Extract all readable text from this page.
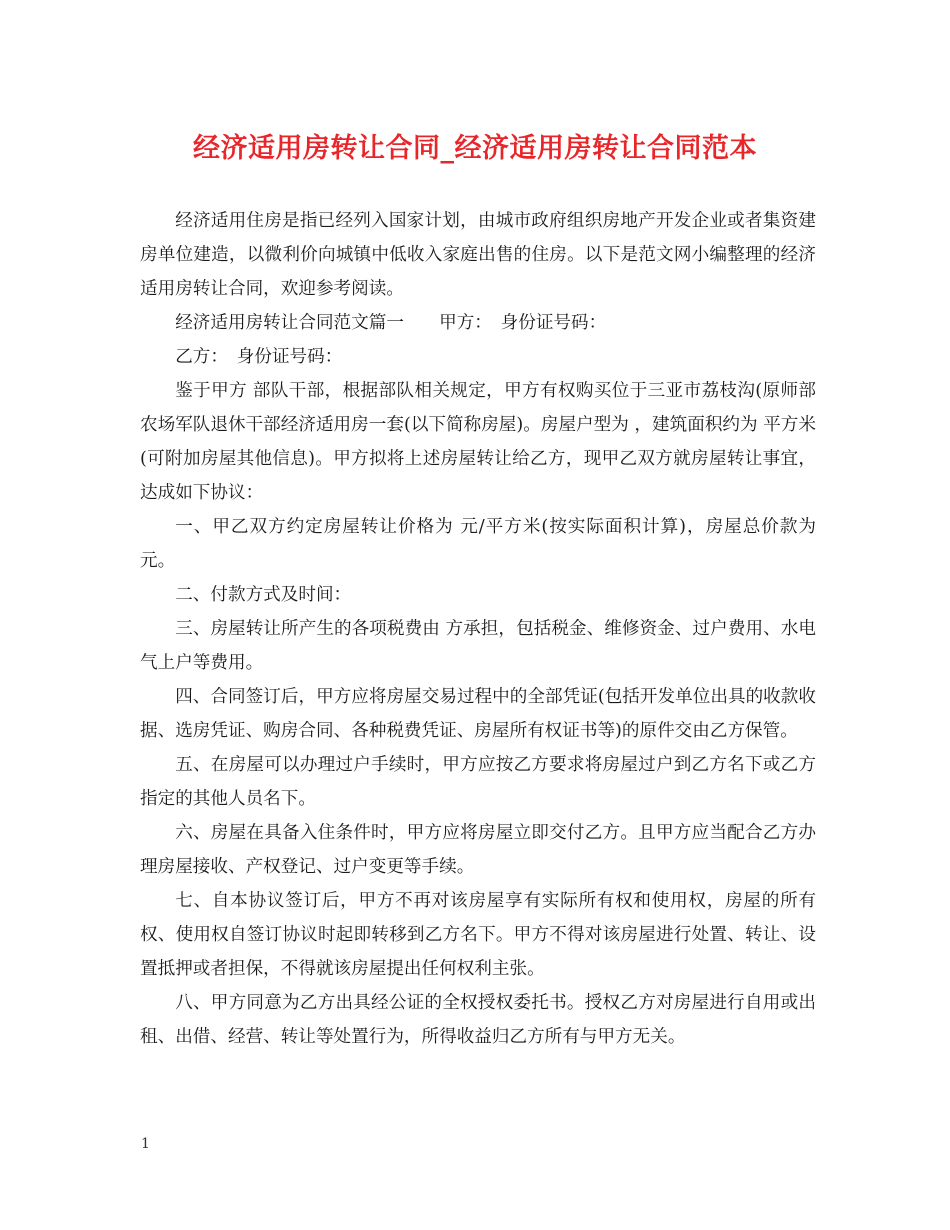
经济适用房转让合同_经济适用房转让合同范本

经济适用住房是指已经列入国家计划，由城市政府组织房地产开发企业或者集资建房单位建造，以微利价向城镇中低收入家庭出售的住房。以下是范文网小编整理的经济适用房转让合同，欢迎参考阅读。

经济适用房转让合同范文篇一　　甲方：　身份证号码：

乙方：　身份证号码：

鉴于甲方 部队干部，根据部队相关规定，甲方有权购买位于三亚市荔枝沟(原师部农场军队退休干部经济适用房一套(以下简称房屋)。房屋户型为 ，建筑面积约为 平方米(可附加房屋其他信息)。甲方拟将上述房屋转让给乙方，现甲乙双方就房屋转让事宜，达成如下协议：

一、甲乙双方约定房屋转让价格为 元/平方米(按实际面积计算)，房屋总价款为 元。

二、付款方式及时间：

三、房屋转让所产生的各项税费由 方承担，包括税金、维修资金、过户费用、水电气上户等费用。

四、合同签订后，甲方应将房屋交易过程中的全部凭证(包括开发单位出具的收款收据、选房凭证、购房合同、各种税费凭证、房屋所有权证书等)的原件交由乙方保管。

五、在房屋可以办理过户手续时，甲方应按乙方要求将房屋过户到乙方名下或乙方指定的其他人员名下。

六、房屋在具备入住条件时，甲方应将房屋立即交付乙方。且甲方应当配合乙方办理房屋接收、产权登记、过户变更等手续。

七、自本协议签订后，甲方不再对该房屋享有实际所有权和使用权，房屋的所有权、使用权自签订协议时起即转移到乙方名下。甲方不得对该房屋进行处置、转让、设置抵押或者担保，不得就该房屋提出任何权利主张。

八、甲方同意为乙方出具经公证的全权授权委托书。授权乙方对房屋进行自用或出租、出借、经营、转让等处置行为，所得收益归乙方所有与甲方无关。

1
